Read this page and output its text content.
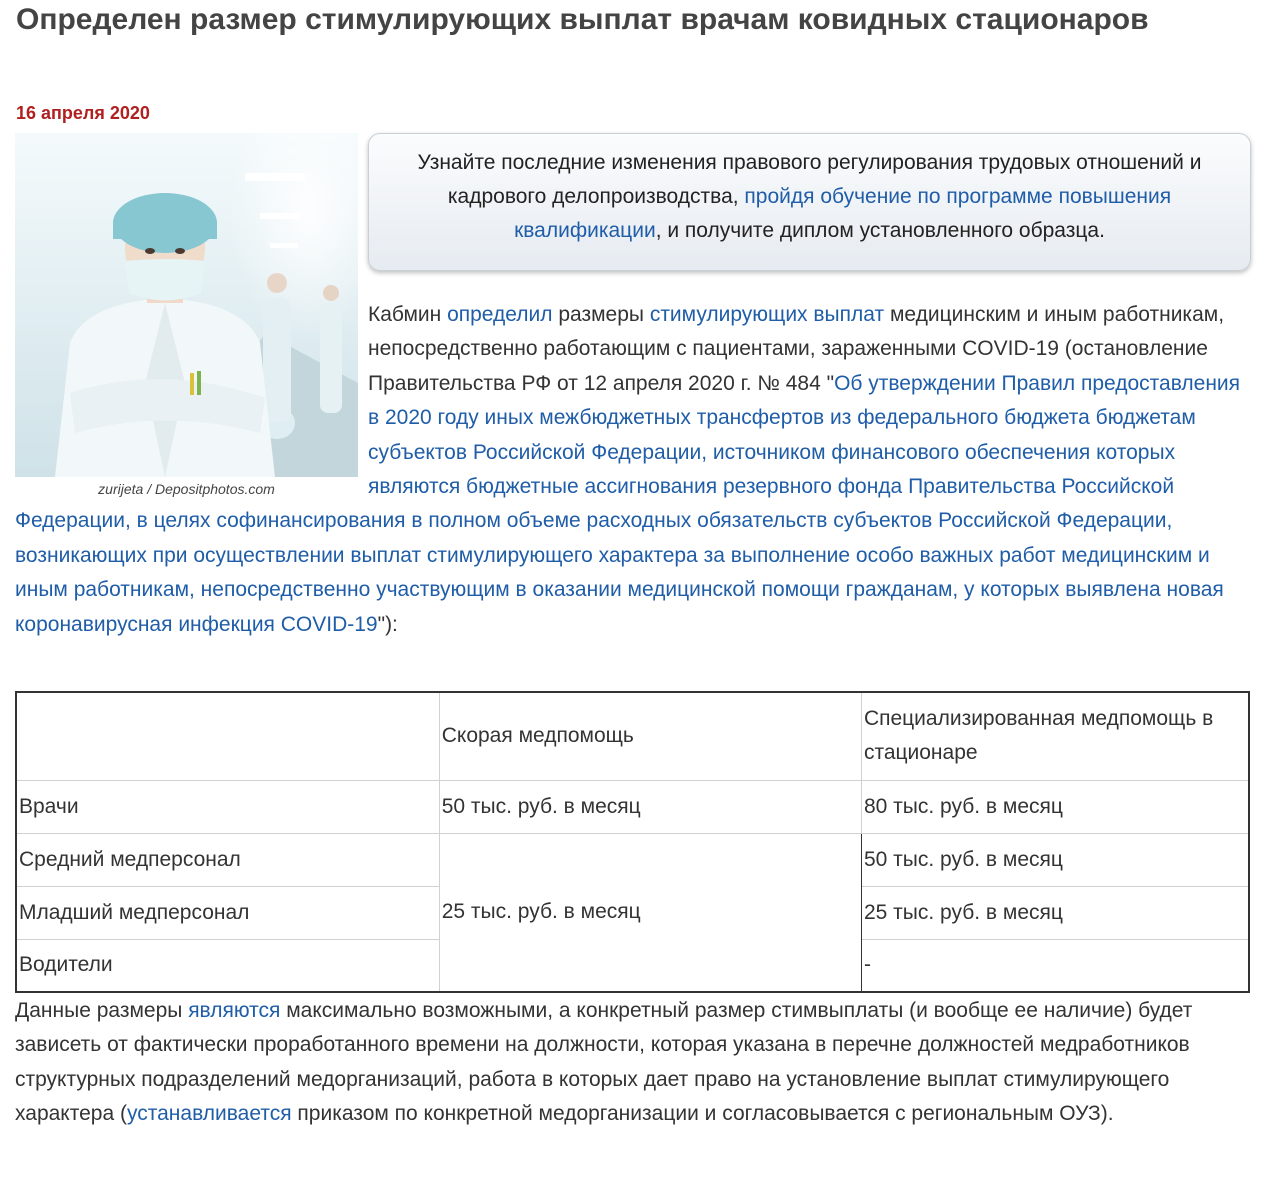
Определен размер стимулирующих выплат врачам ковидных стационаров
16 апреля 2020
zurijeta / Depositphotos.com
Узнайте последние изменения правового регулирования трудовых отношений и кадрового делопроизводства, пройдя обучение по программе повышения квалификации, и получите диплом установленного образца.

Кабмин определил размеры стимулирующих выплат медицинским и иным работникам, непосредственно работающим с пациентами, зараженными COVID-19 (остановление Правительства РФ от 12 апреля 2020 г. № 484 "Об утверждении Правил предоставления в 2020 году иных межбюджетных трансфертов из федерального бюджета бюджетам субъектов Российской Федерации, источником финансового обеспечения которых являются бюджетные ассигнования резервного фонда Правительства Российской Федерации, в целях софинансирования в полном объеме расходных обязательств субъектов Российской Федерации, возникающих при осуществлении выплат стимулирующего характера за выполнение особо важных работ медицинским и иным работникам, непосредственно участвующим в оказании медицинской помощи гражданам, у которых выявлена новая коронавирусная инфекция COVID-19"):

	Скорая медпомощь	Специализированная медпомощь в стационаре
Врачи	50 тыс. руб. в месяц	80 тыс. руб. в месяц
Средний медперсонал	25 тыс. руб. в месяц	50 тыс. руб. в месяц
Младший медперсонал		25 тыс. руб. в месяц
Водители		-

Данные размеры являются максимально возможными, а конкретный размер стимвыплаты (и вообще ее наличие) будет зависеть от фактически проработанного времени на должности, которая указана в перечне должностей медработников структурных подразделений медорганизаций, работа в которых дает право на установление выплат стимулирующего характера (устанавливается приказом по конкретной медорганизации и согласовывается с региональным ОУЗ).
